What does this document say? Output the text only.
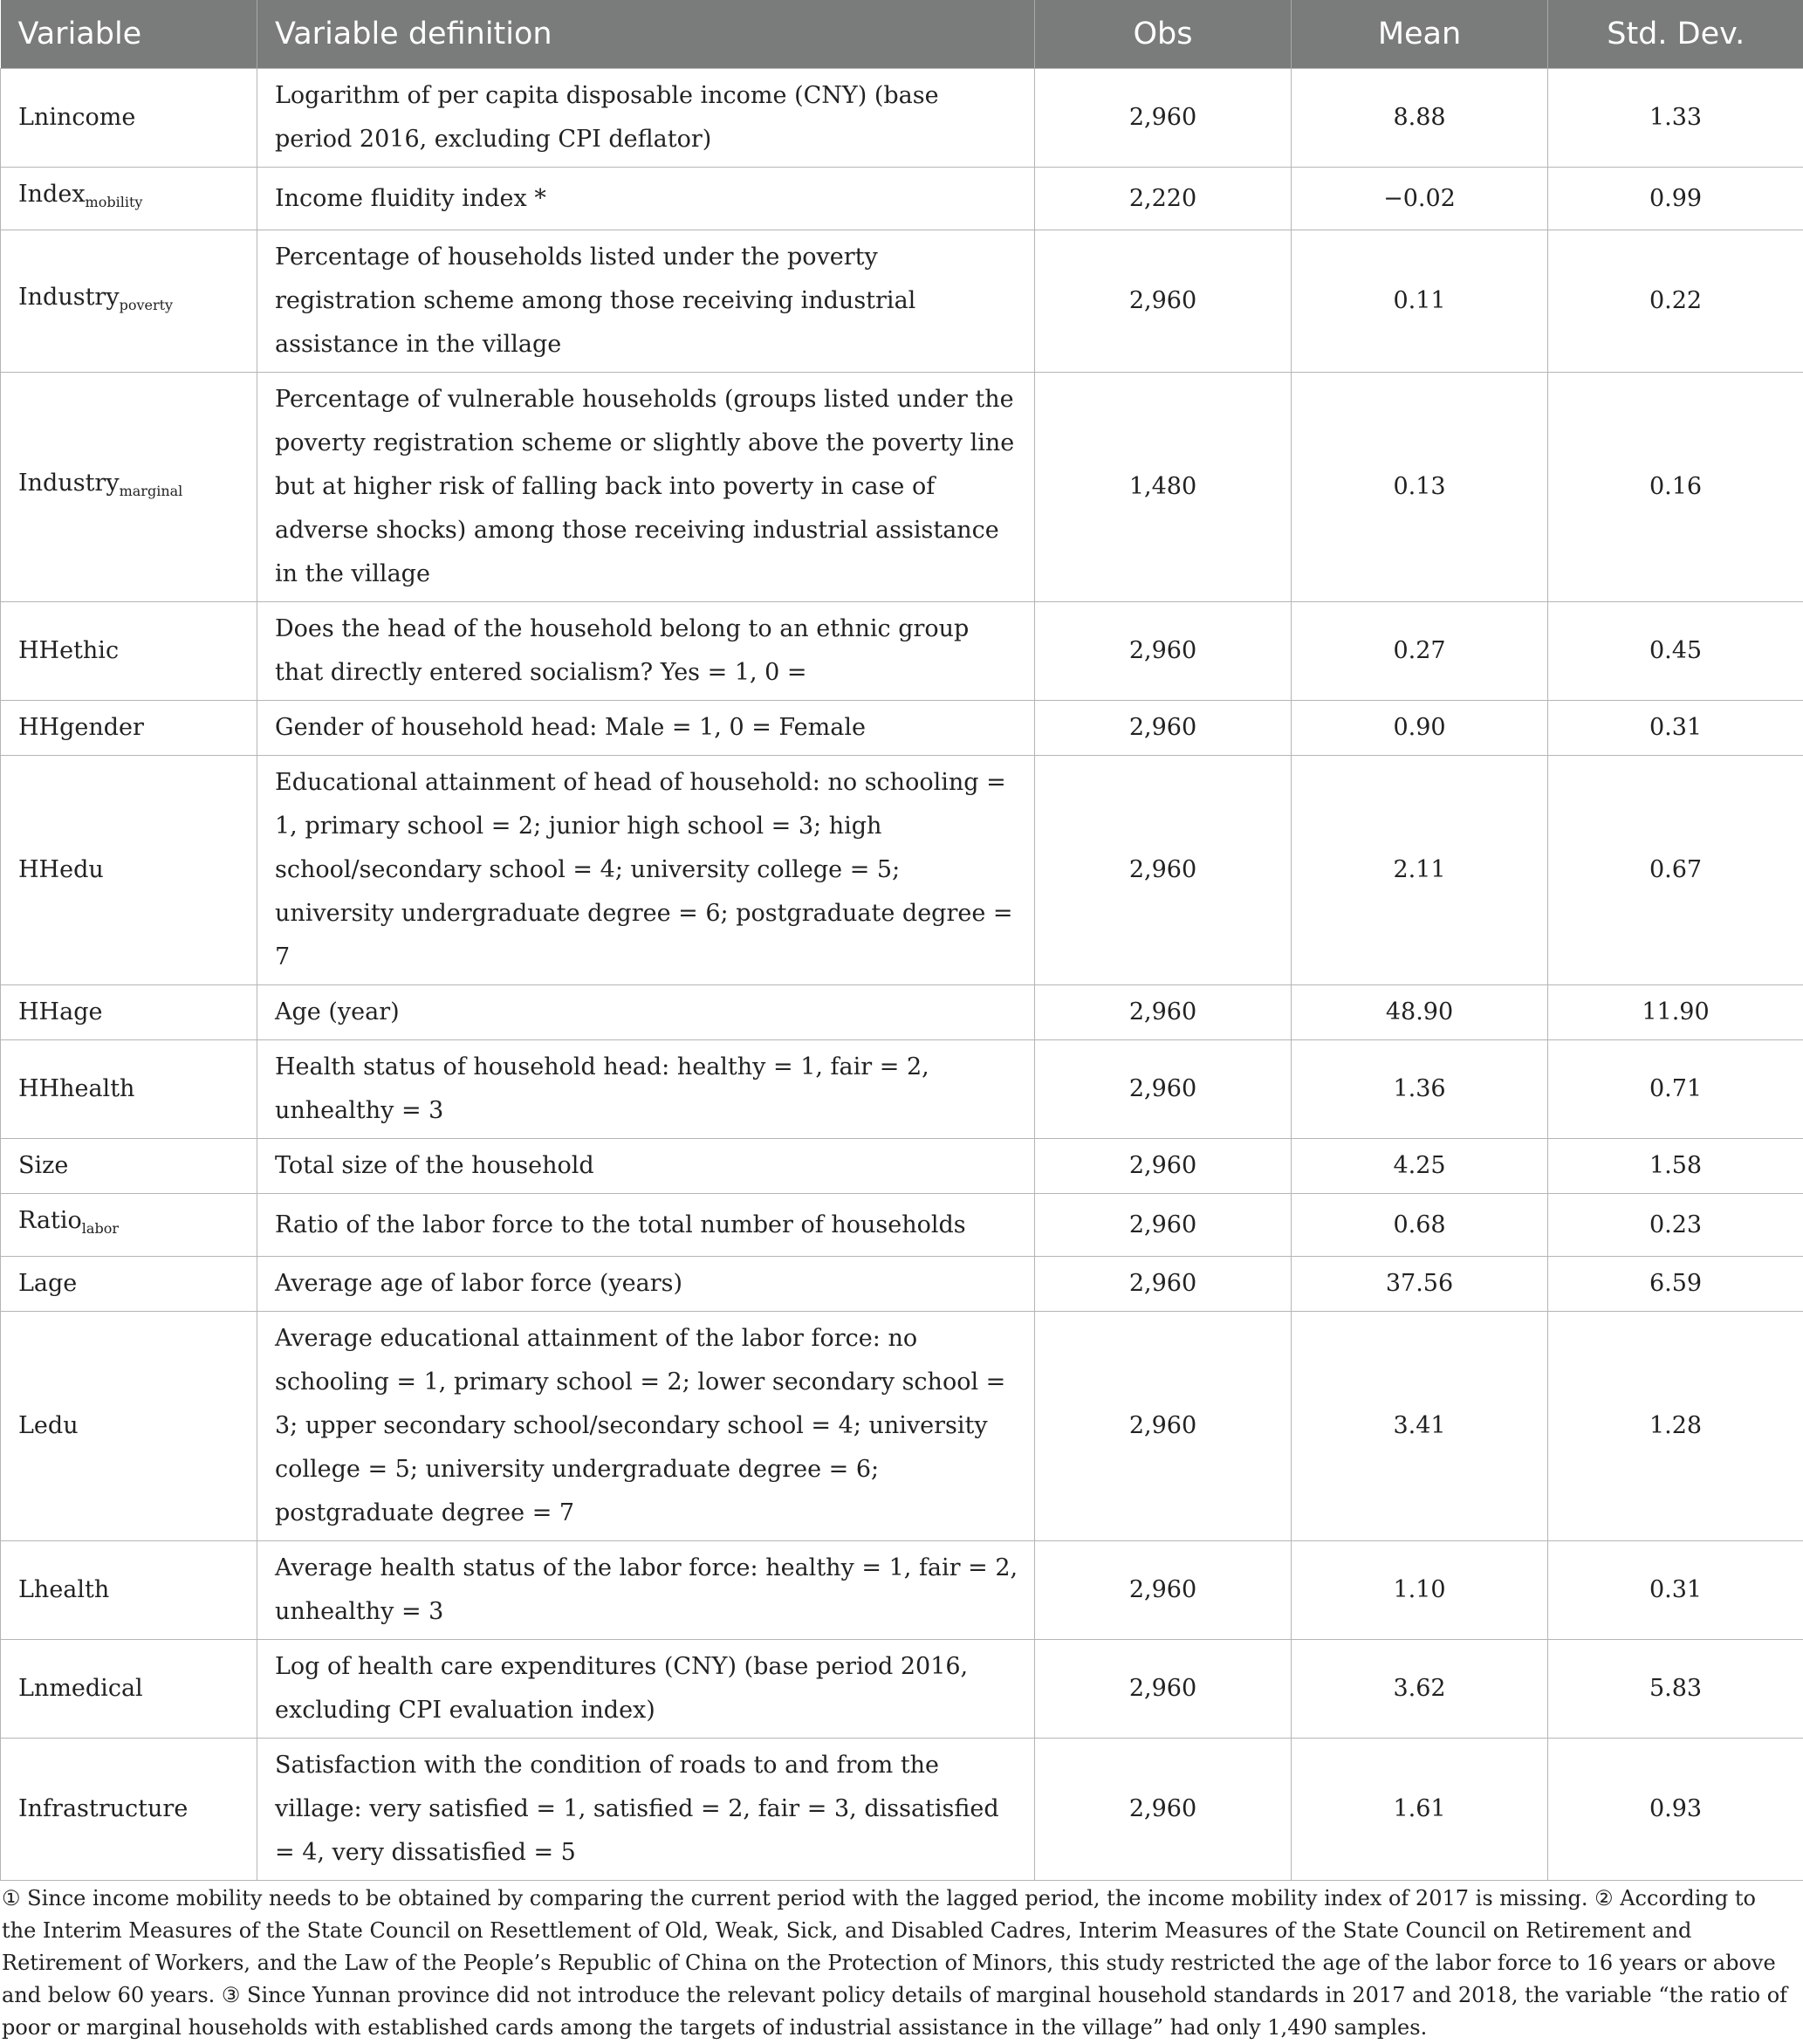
Variable	Variable definition	Obs	Mean	Std. Dev.
Lnincome	Logarithm of per capita disposable income (CNY) (base period 2016, excluding CPI deflator)	2,960	8.88	1.33
Index$_{mobility}$	Income fluidity index *	2,220	−0.02	0.99
Industry$_{poverty}$	Percentage of households listed under the poverty registration scheme among those receiving industrial assistance in the village	2,960	0.11	0.22
Industry$_{marginal}$	Percentage of vulnerable households (groups listed under the poverty registration scheme or slightly above the poverty line but at higher risk of falling back into poverty in case of adverse shocks) among those receiving industrial assistance in the village	1,480	0.13	0.16
HHethic	Does the head of the household belong to an ethnic group that directly entered socialism? Yes = 1, 0 =	2,960	0.27	0.45
HHgender	Gender of household head: Male = 1, 0 = Female	2,960	0.90	0.31
HHedu	Educational attainment of head of household: no schooling = 1, primary school = 2; junior high school = 3; high school/secondary school = 4; university college = 5; university undergraduate degree = 6; postgraduate degree = 7	2,960	2.11	0.67
HHage	Age (year)	2,960	48.90	11.90
HHhealth	Health status of household head: healthy = 1, fair = 2, unhealthy = 3	2,960	1.36	0.71
Size	Total size of the household	2,960	4.25	1.58
Ratio$_{labor}$	Ratio of the labor force to the total number of households	2,960	0.68	0.23
Lage	Average age of labor force (years)	2,960	37.56	6.59
Ledu	Average educational attainment of the labor force: no schooling = 1, primary school = 2; lower secondary school = 3; upper secondary school/secondary school = 4; university college = 5; university undergraduate degree = 6; postgraduate degree = 7	2,960	3.41	1.28
Lhealth	Average health status of the labor force: healthy = 1, fair = 2, unhealthy = 3	2,960	1.10	0.31
Lnmedical	Log of health care expenditures (CNY) (base period 2016, excluding CPI evaluation index)	2,960	3.62	5.83
Infrastructure	Satisfaction with the condition of roads to and from the village: very satisfied = 1, satisfied = 2, fair = 3, dissatisfied = 4, very dissatisfied = 5	2,960	1.61	0.93
① Since income mobility needs to be obtained by comparing the current period with the lagged period, the income mobility index of 2017 is missing. ② According to the Interim Measures of the State Council on Resettlement of Old, Weak, Sick, and Disabled Cadres, Interim Measures of the State Council on Retirement and Retirement of Workers, and the Law of the People’s Republic of China on the Protection of Minors, this study restricted the age of the labor force to 16 years or above and below 60 years. ③ Since Yunnan province did not introduce the relevant policy details of marginal household standards in 2017 and 2018, the variable “the ratio of poor or marginal households with established cards among the targets of industrial assistance in the village” had only 1,490 samples.
